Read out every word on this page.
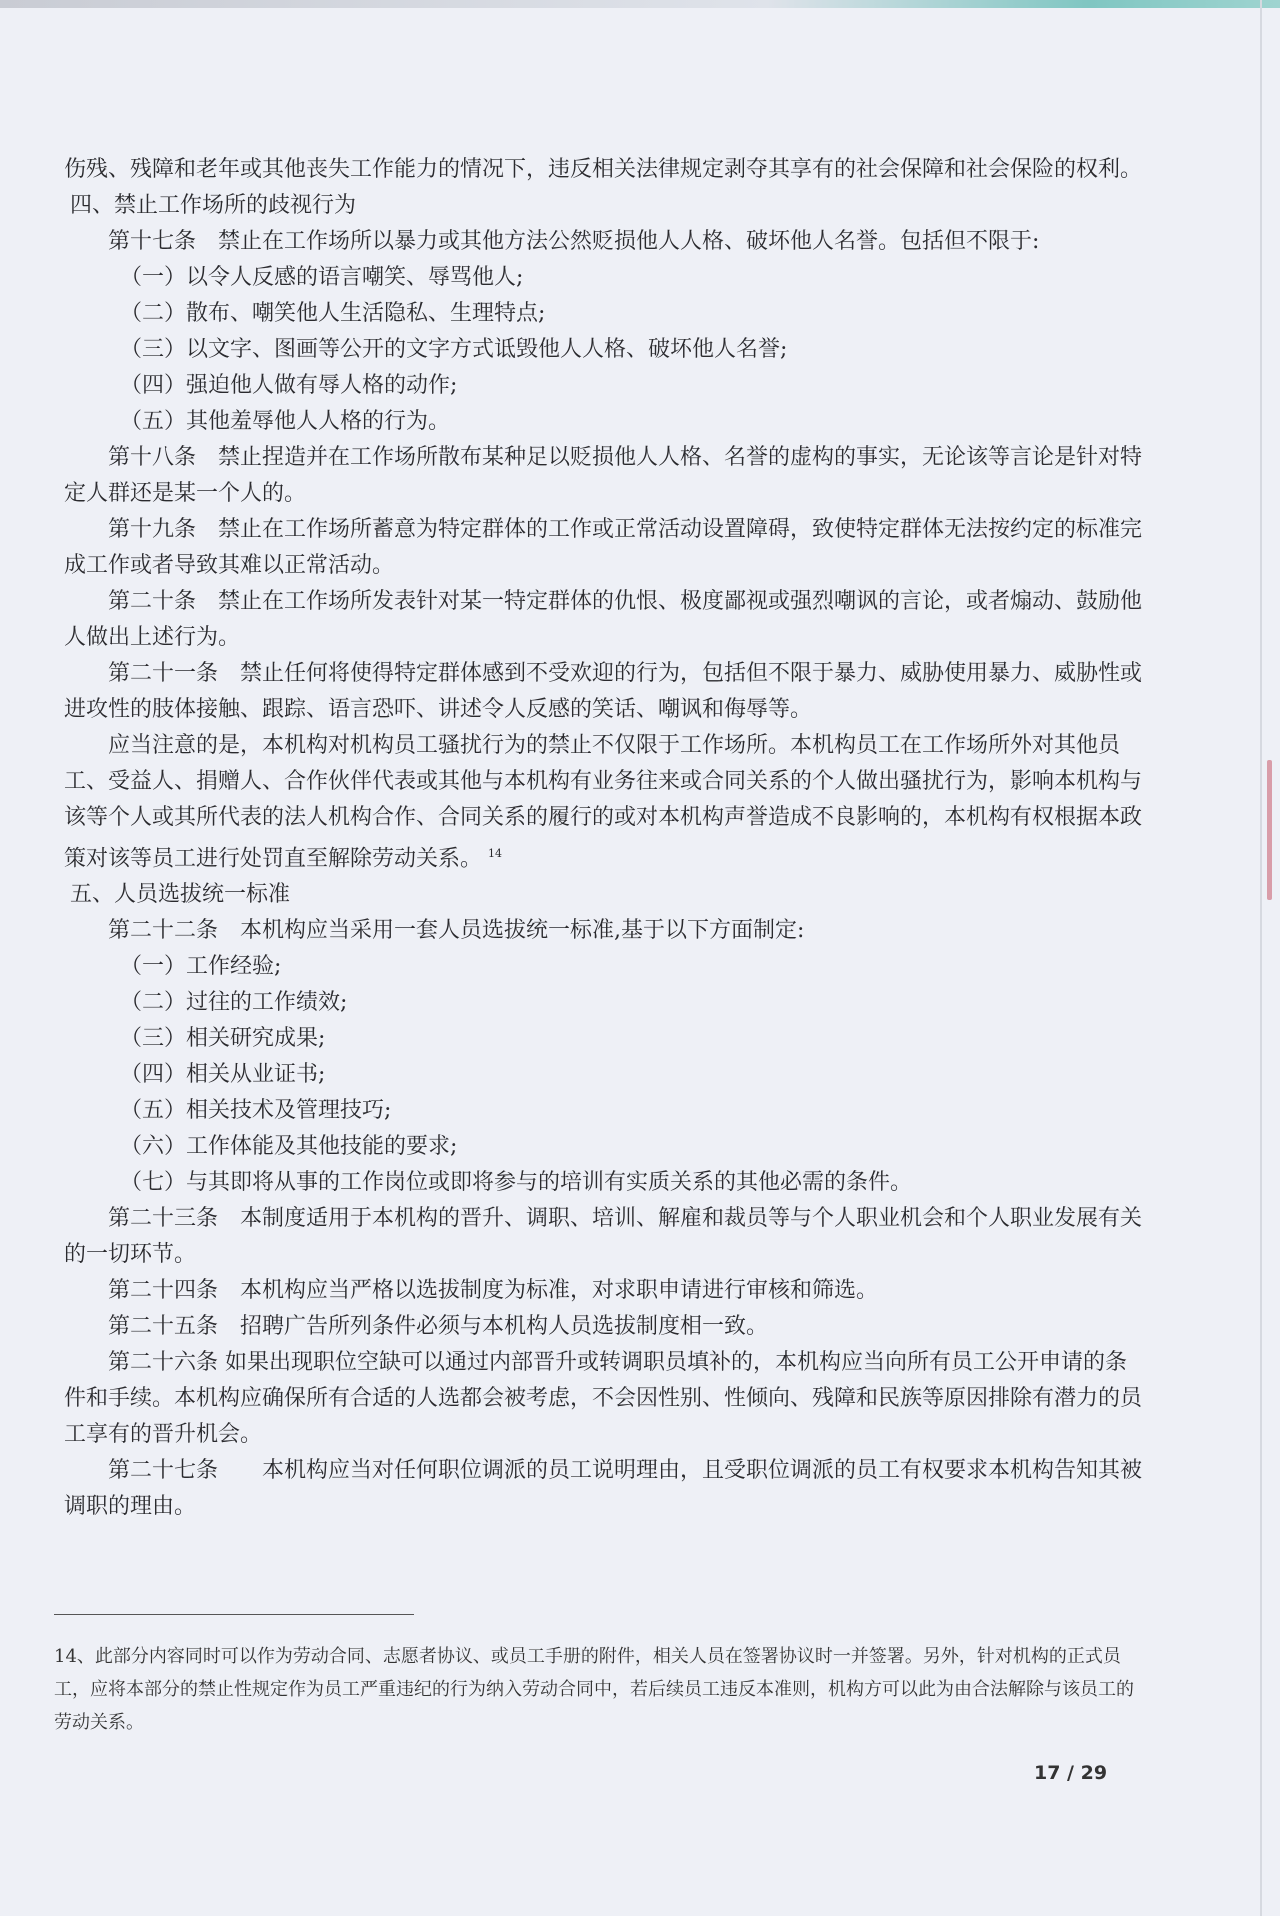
伤残、残障和老年或其他丧失工作能力的情况下，违反相关法律规定剥夺其享有的社会保障和社会保险的权利。

四、禁止工作场所的歧视行为

第十七条　禁止在工作场所以暴力或其他方法公然贬损他人人格、破坏他人名誉。包括但不限于:

（一）以令人反感的语言嘲笑、辱骂他人;

（二）散布、嘲笑他人生活隐私、生理特点;

（三）以文字、图画等公开的文字方式诋毁他人人格、破坏他人名誉;

（四）强迫他人做有辱人格的动作;

（五）其他羞辱他人人格的行为。

第十八条　禁止捏造并在工作场所散布某种足以贬损他人人格、名誉的虚构的事实，无论该等言论是针对特定人群还是某一个人的。

第十九条　禁止在工作场所蓄意为特定群体的工作或正常活动设置障碍，致使特定群体无法按约定的标准完成工作或者导致其难以正常活动。

第二十条　禁止在工作场所发表针对某一特定群体的仇恨、极度鄙视或强烈嘲讽的言论，或者煽动、鼓励他人做出上述行为。

第二十一条　禁止任何将使得特定群体感到不受欢迎的行为，包括但不限于暴力、威胁使用暴力、威胁性或进攻性的肢体接触、跟踪、语言恐吓、讲述令人反感的笑话、嘲讽和侮辱等。

应当注意的是，本机构对机构员工骚扰行为的禁止不仅限于工作场所。本机构员工在工作场所外对其他员工、受益人、捐赠人、合作伙伴代表或其他与本机构有业务往来或合同关系的个人做出骚扰行为，影响本机构与该等个人或其所代表的法人机构合作、合同关系的履行的或对本机构声誉造成不良影响的，本机构有权根据本政策对该等员工进行处罚直至解除劳动关系。 $^{14}$

五、人员选拔统一标准

第二十二条　本机构应当采用一套人员选拔统一标准,基于以下方面制定:

（一）工作经验;

（二）过往的工作绩效;

（三）相关研究成果;

（四）相关从业证书;

（五）相关技术及管理技巧;

（六）工作体能及其他技能的要求;

（七）与其即将从事的工作岗位或即将参与的培训有实质关系的其他必需的条件。

第二十三条　本制度适用于本机构的晋升、调职、培训、解雇和裁员等与个人职业机会和个人职业发展有关的一切环节。

第二十四条　本机构应当严格以选拔制度为标准，对求职申请进行审核和筛选。

第二十五条　招聘广告所列条件必须与本机构人员选拔制度相一致。

第二十六条 如果出现职位空缺可以通过内部晋升或转调职员填补的，本机构应当向所有员工公开申请的条件和手续。本机构应确保所有合适的人选都会被考虑，不会因性别、性倾向、残障和民族等原因排除有潜力的员工享有的晋升机会。

第二十七条　　本机构应当对任何职位调派的员工说明理由，且受职位调派的员工有权要求本机构告知其被调职的理由。

14、此部分内容同时可以作为劳动合同、志愿者协议、或员工手册的附件，相关人员在签署协议时一并签署。另外，针对机构的正式员工，应将本部分的禁止性规定作为员工严重违纪的行为纳入劳动合同中，若后续员工违反本准则，机构方可以此为由合法解除与该员工的劳动关系。

17 / 29
